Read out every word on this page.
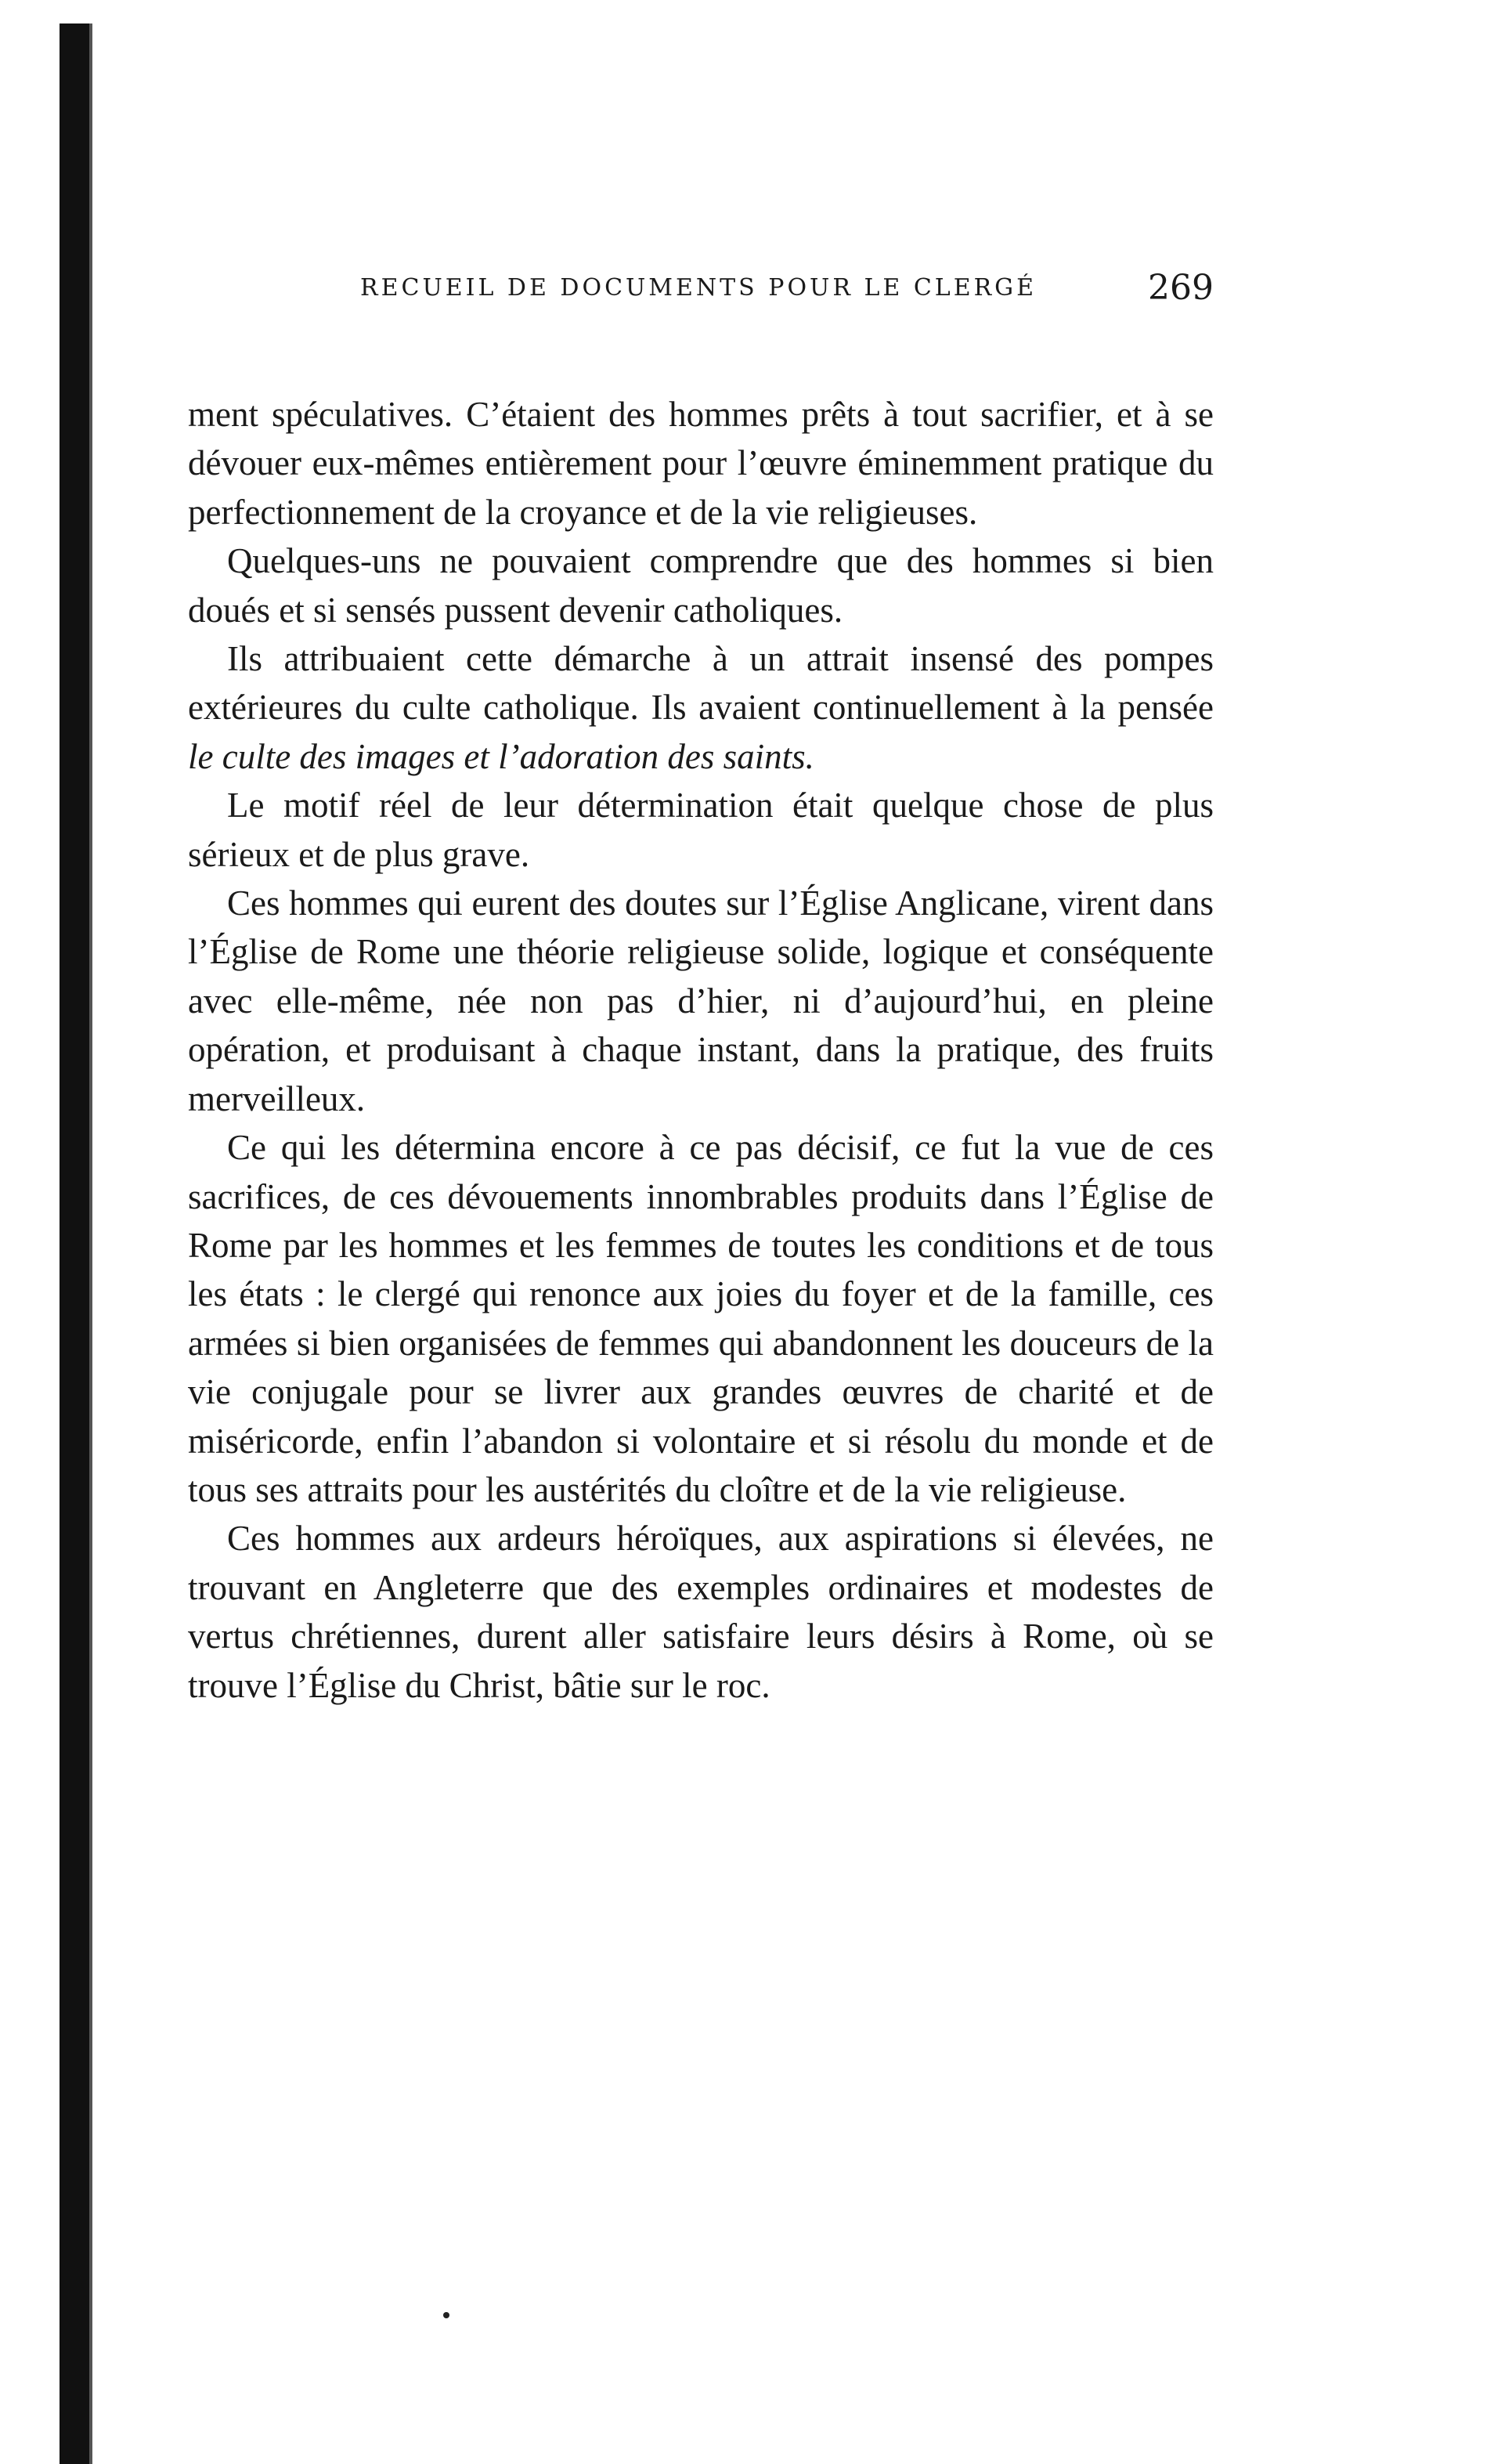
RECUEIL DE DOCUMENTS POUR LE CLERGÉ	269

ment spéculatives. C’étaient des hommes prêts à tout sacrifier, et à se dévouer eux-mêmes entièrement pour l’œuvre éminemment pratique du perfectionnement de la croyance et de la vie religieuses.

Quelques-uns ne pouvaient comprendre que des hommes si bien doués et si sensés pussent devenir catholiques.

Ils attribuaient cette démarche à un attrait insensé des pompes extérieures du culte catholique. Ils avaient continuellement à la pensée le culte des images et l’adoration des saints.

Le motif réel de leur détermination était quelque chose de plus sérieux et de plus grave.

Ces hommes qui eurent des doutes sur l’Église Anglicane, virent dans l’Église de Rome une théorie religieuse solide, logique et conséquente avec elle-même, née non pas d’hier, ni d’aujourd’hui, en pleine opération, et produisant à chaque instant, dans la pratique, des fruits merveilleux.

Ce qui les détermina encore à ce pas décisif, ce fut la vue de ces sacrifices, de ces dévouements innombrables produits dans l’Église de Rome par les hommes et les femmes de toutes les conditions et de tous les états : le clergé qui renonce aux joies du foyer et de la famille, ces armées si bien organisées de femmes qui abandonnent les douceurs de la vie conjugale pour se livrer aux grandes œuvres de charité et de miséricorde, enfin l’abandon si volontaire et si résolu du monde et de tous ses attraits pour les austérités du cloître et de la vie religieuse.

Ces hommes aux ardeurs héroïques, aux aspirations si élevées, ne trouvant en Angleterre que des exemples ordinaires et modestes de vertus chrétiennes, durent aller satisfaire leurs désirs à Rome, où se trouve l’Église du Christ, bâtie sur le roc.
